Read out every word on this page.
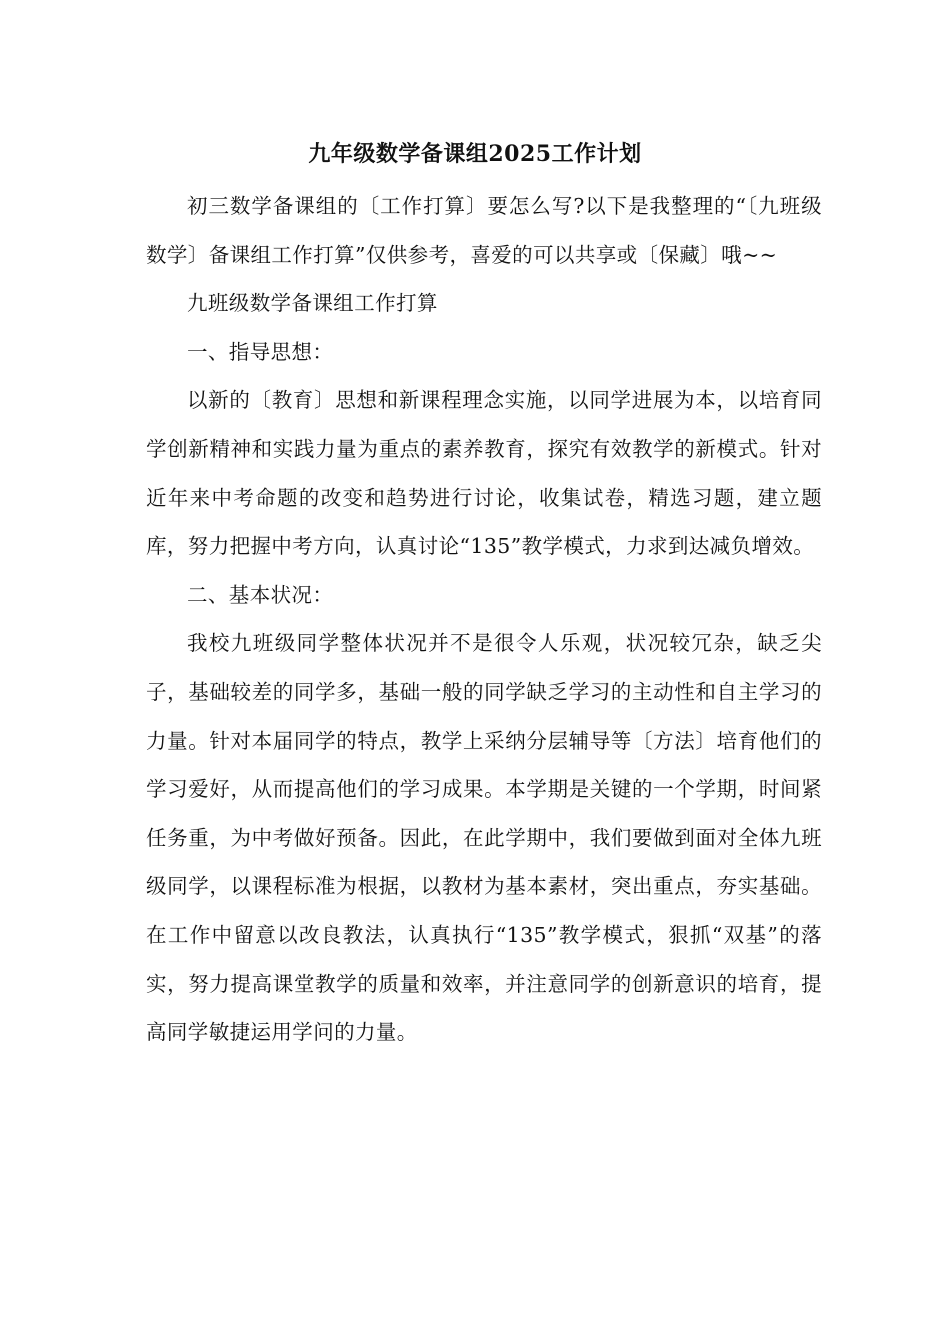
九年级数学备课组2025工作计划

初三数学备课组的〔工作打算〕要怎么写?以下是我整理的“〔九班级数学〕备课组工作打算”仅供参考，喜爱的可以共享或〔保藏〕哦~~

九班级数学备课组工作打算

一、指导思想：

以新的〔教育〕思想和新课程理念实施，以同学进展为本，以培育同学创新精神和实践力量为重点的素养教育，探究有效教学的新模式。针对近年来中考命题的改变和趋势进行讨论，收集试卷，精选习题，建立题库，努力把握中考方向，认真讨论“135”教学模式，力求到达减负增效。

二、基本状况：

我校九班级同学整体状况并不是很令人乐观，状况较冗杂，缺乏尖子，基础较差的同学多，基础一般的同学缺乏学习的主动性和自主学习的力量。针对本届同学的特点，教学上采纳分层辅导等〔方法〕培育他们的学习爱好，从而提高他们的学习成果。本学期是关键的一个学期，时间紧任务重，为中考做好预备。因此，在此学期中，我们要做到面对全体九班级同学，以课程标准为根据，以教材为基本素材，突出重点，夯实基础。在工作中留意以改良教法，认真执行“135”教学模式，狠抓“双基”的落实，努力提高课堂教学的质量和效率，并注意同学的创新意识的培育，提高同学敏捷运用学问的力量。
